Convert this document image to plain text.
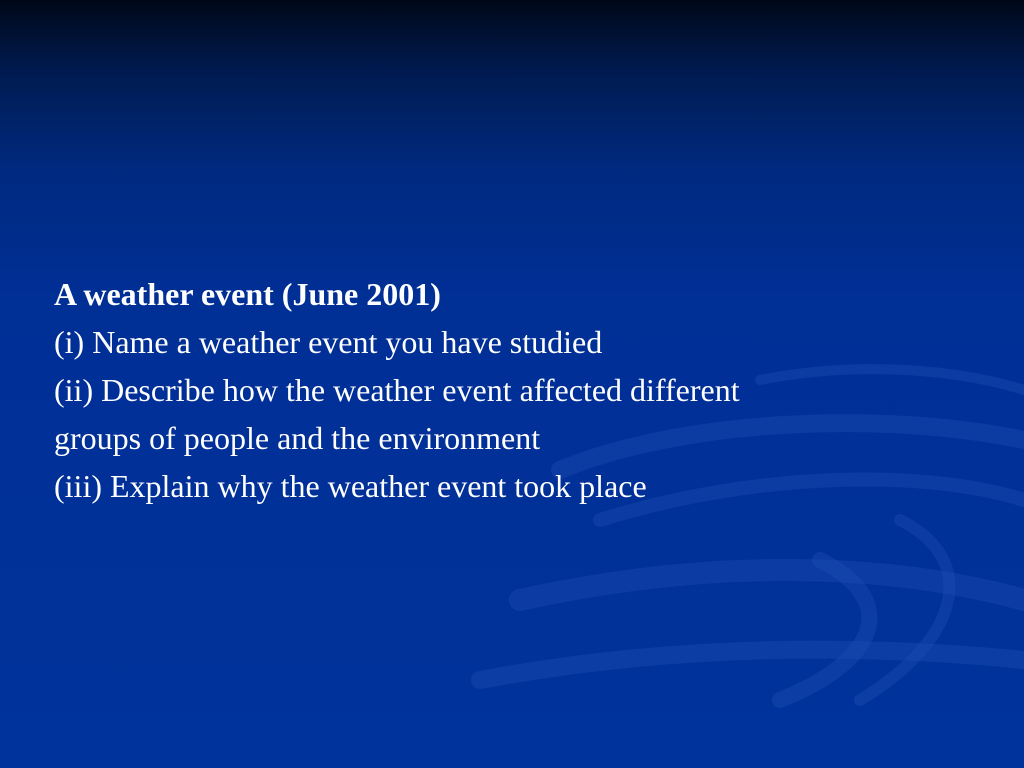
A weather event (June 2001)
(i) Name a weather event you have studied
(ii) Describe how the weather event affected different
groups of people and the environment
(iii) Explain why the weather event took place
